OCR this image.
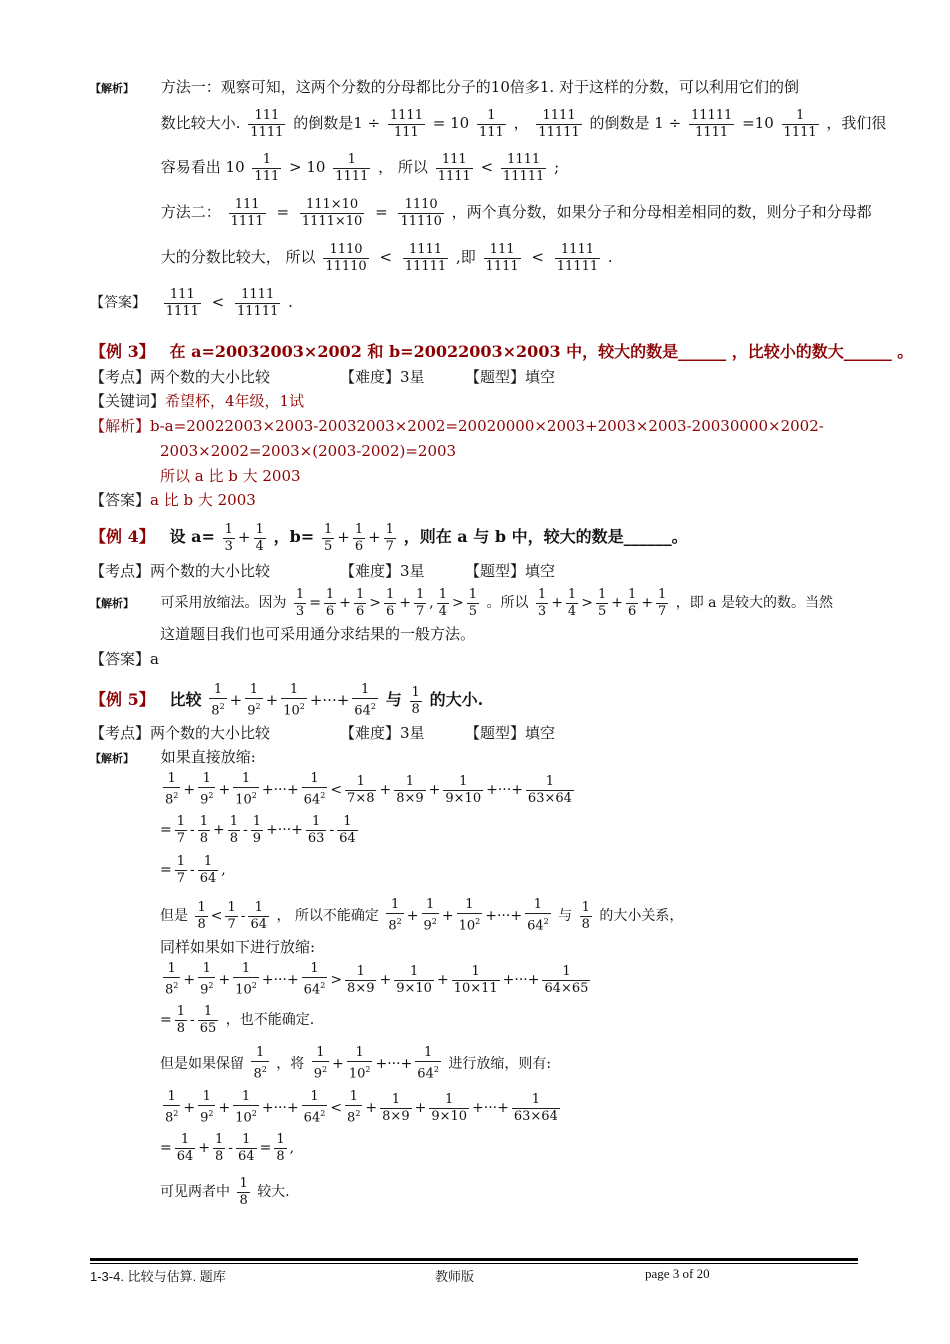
【解析】 方法一：观察可知，这两个分数的分母都比分子的10倍多1. 对于这样的分数，可以利用它们的倒
数比较大小. $\frac{111}{1111}$ 的倒数是$1 \div \frac{1111}{111} = 10 \frac{1}{111}$ ， $\frac{1111}{11111}$ 的倒数是 $1 \div \frac{11111}{1111} =10 \frac{1}{1111}$ ，我们很
容易看出 $10 \frac{1}{111} > 10 \frac{1}{1111}$ ， 所以 $\frac{111}{1111} < \frac{1111}{11111}$ ;
方法二： $\frac{111}{1111} = \frac{111\times 10}{1111\times 10} = \frac{1110}{11110}$ ，两个真分数，如果分子和分母相差相同的数，则分子和分母都
大的分数比较大， 所以 $\frac{1110}{11110} < \frac{1111}{11111}$ ,即 $\frac{111}{1111} < \frac{1111}{11111}$ .
【答案】 $\frac{111}{1111} < \frac{1111}{11111}$ .
【例 3】 在 a=20032003×2002 和 b=20022003×2003 中，较大的数是______ ，比较小的数大______ 。
【考点】两个数的大小比较	【难度】3星	【题型】填空
【关键词】希望杯，4年级，1试
【解析】b-a=20022003×2003-20032003×2002=20020000×2003+2003×2003-20030000×2002-
2003×2002=2003×(2003-2002)=2003
所以 a 比 b 大 2003
【答案】a 比 b 大 2003
【例 4】 设 $a= \frac{1}{3} + \frac{1}{4}$ ，$b= \frac{1}{5} + \frac{1}{6} + \frac{1}{7}$ ，则在 a 与 b 中，较大的数是______。
【考点】两个数的大小比较	【难度】3星	【题型】填空
【解析】 可采用放缩法。因为 $\frac{1}{3} = \frac{1}{6} + \frac{1}{6} > \frac{1}{6} + \frac{1}{7}$ , $\frac{1}{4} > \frac{1}{5}$ 。所以 $\frac{1}{3} + \frac{1}{4} > \frac{1}{5} + \frac{1}{6} + \frac{1}{7}$ ，即 a 是较大的数。当然
这道题目我们也可采用通分求结果的一般方法。
【答案】a
【例 5】 比较 $\frac{1}{8^2} + \frac{1}{9^2} + \frac{1}{10^2}$ +···+ $\frac{1}{64^2}$ 与 $\frac{1}{8}$ 的大小.
【考点】两个数的大小比较	【难度】3星	【题型】填空
【解析】 如果直接放缩:
$\frac{1}{8^2} + \frac{1}{9^2} + \frac{1}{10^2}$ +···+ $\frac{1}{64^2} < \frac{1}{7\times 8} + \frac{1}{8\times 9} + \frac{1}{9\times 10}$ +···+ $\frac{1}{63\times 64}$
= $\frac{1}{7} - \frac{1}{8} + \frac{1}{8} - \frac{1}{9}$ +···+ $\frac{1}{63} - \frac{1}{64}$
= $\frac{1}{7} - \frac{1}{64}$ ,
但是 $\frac{1}{8} < \frac{1}{7} - \frac{1}{64}$ ， 所以不能确定 $\frac{1}{8^2} + \frac{1}{9^2} + \frac{1}{10^2}$ +···+ $\frac{1}{64^2}$ 与 $\frac{1}{8}$ 的大小关系，
同样如果如下进行放缩:
$\frac{1}{8^2} + \frac{1}{9^2} + \frac{1}{10^2}$ +···+ $\frac{1}{64^2} > \frac{1}{8\times 9} + \frac{1}{9\times 10} + \frac{1}{10\times 11}$ +···+ $\frac{1}{64\times 65}$
= $\frac{1}{8} - \frac{1}{65}$ ，也不能确定.
但是如果保留 $\frac{1}{8^2}$ ，将 $\frac{1}{9^2} + \frac{1}{10^2}$ +···+ $\frac{1}{64^2}$ 进行放缩，则有:
$\frac{1}{8^2} + \frac{1}{9^2} + \frac{1}{10^2}$ +···+ $\frac{1}{64^2} < \frac{1}{8^2} + \frac{1}{8\times 9} + \frac{1}{9\times 10}$ +···+ $\frac{1}{63\times 64}$
= $\frac{1}{64} + \frac{1}{8} - \frac{1}{64} = \frac{1}{8}$ ,
可见两者中 $\frac{1}{8}$ 较大.
1-3-4. 比较与估算. 题库	教师版	page 3 of 20
